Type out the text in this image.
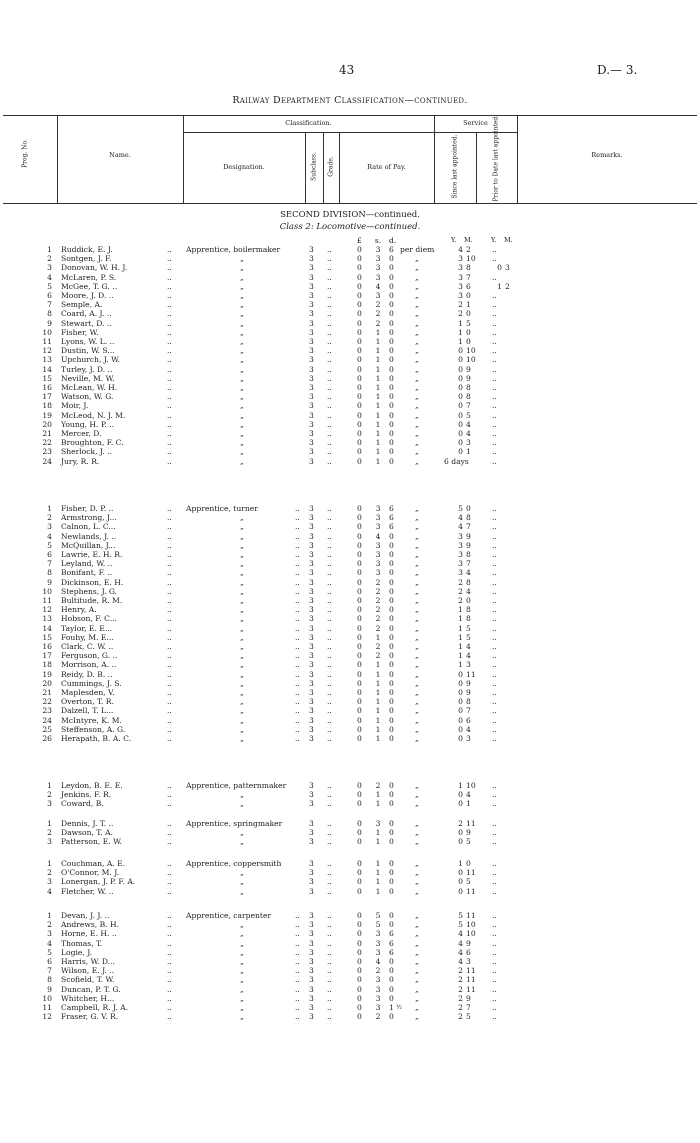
43	D.— 3.
Railway Department Classification—continued.
Prog. No.	Name.
Classification.
Designation.	Subclass. Grade.	Rate of Pay.
Service
Since last appointed.	Prior to Date last appointed.	Remarks.
SECOND DIVISION—continued.
Class 2: Locomotive—continued.
£ s. d.	Y. M.	Y. M.
1 Ruddick, E. J.	.. Apprentice, boilermaker	3 ..	0	3	6 per diem	4 2	..
2 Sontgen, J. F.	..	„	3 ..	0	3	0	„	3 10 ..
3 Donovan, W. H. J.	..	„	3 ..	0	3	0	„	3 8	0 3
4 McLaren, P. S.	..	„	3 ..	0	3	0	„	3 7	..
5 McGee, T. G. ..	..	„	3 ..	0	4	0	„	3 6	1 2
6 Moore, J. D. ..	..	„	3 ..	0	3	0	„	3 0	..
7 Semple, A.	..	„	3 ..	0	2	0	„	2 1	..
8 Coard, A. J. ..	..	„	3 ..	0	2	0	„	2 0	..
9 Stewart, D. ..	..	„	3 ..	0	2	0	„	1 5	..
10 Fisher, W.	..	„	3 ..	0	1	0	„	1 0	..
11 Lyons, W. L. ..	..	„	3 ..	0	1	0	„	1 0	..
12 Dustin, W. S...	..	„	3 ..	0	1	0	„	0 10 ..
13 Upchurch, J. W.	..	„	3 ..	0	1	0	„	0 10 ..
14 Turley, J. D. ..	..	„	3 ..	0	1	0	„	0 9	..
15 Neville, M. W.	..	„	3 ..	0	1	0	„	0 9	..
16 McLean, W. H.	..	„	3 ..	0	1	0	„	0 8	..
17 Watson, W. G.	..	„	3 ..	0	1	0	„	0 8	..
18 Moir, J.	..	„	3 ..	0	1	0	„	0 7	..
19 McLeod, N. J. M.	..	„	3 ..	0	1	0	„	0 5	..
20 Young, H. P. ..	..	„	3 ..	0	1	0	„	0 4	..
21 Mercer, D.	..	„	3 ..	0	1	0	„	0 4	..
22 Broughton, F. C.	..	„	3 ..	0	1	0	„	0 3	..
23 Sherlock, J. ..	..	„	3 ..	0	1	0	„	0 1	..
24 Jury, R. R.	..	„	3 ..	0	1	0	„	6 days	..
1 Fisher, D. P. ..	.. Apprentice, turner	.. 3 ..	0	3	6	„	5 0	..
2 Armstrong, J...	..	„	.. 3 ..	0	3	6	„	4 8	..
3 Calnon, L. C...	..	„	.. 3 ..	0	3	6	„	4 7	..
4 Newlands, J. ..	..	„	.. 3 ..	0	4	0	„	3 9	..
5 McQuillan, J...	..	„	.. 3 ..	0	3	0	„	3 9	..
6 Lawrie, E. H. R.	..	„	.. 3 ..	0	3	0	„	3 8	..
7 Leyland, W. ..	..	„	.. 3 ..	0	3	0	„	3 7	..
8 Bonifant, F. ..	..	„	.. 3 ..	0	3	0	„	3 4	..
9 Dickinson, E. H.	..	„	.. 3 ..	0	2	0	„	2 8	..
10 Stephens, J. G.	..	„	.. 3 ..	0	2	0	„	2 4	..
11 Bultitude, R. M.	..	„	.. 3 ..	0	2	0	„	2 0	..
12 Henry, A.	..	„	.. 3 ..	0	2	0	„	1 8	..
13 Hobson, F. C...	..	„	.. 3 ..	0	2	0	„	1 8	..
14 Taylor, E. E...	..	„	.. 3 ..	0	2	0	„	1 5	..
15 Fouhy, M. E...	..	„	.. 3 ..	0	1	0	„	1 5	..
16 Clark, C. W. ..	..	„	.. 3 ..	0	2	0	„	1 4	..
17 Ferguson, G. ..	..	„	.. 3 ..	0	2	0	„	1 4	..
18 Morrison, A. ..	..	„	.. 3 ..	0	1	0	„	1 3	..
19 Reidy, D. B. ..	..	„	.. 3 ..	0	1	0	„	0 11 ..
20 Cummings, J. S.	..	„	.. 3 ..	0	1	0	„	0 9	..
21 Maplesden, V.	..	„	.. 3 ..	0	1	0	„	0 9	..
22 Overton, T. R.	..	„	.. 3 ..	0	1	0	„	0 8	..
23 Dalzell, T. L...	..	„	.. 3 ..	0	1	0	„	0 7	..
24 McIntyre, K. M.	..	„	.. 3 ..	0	1	0	„	0 6	..
25 Steffenson, A. G.	..	„	.. 3 ..	0	1	0	„	0 4	..
26 Herapath, B. A. C.	..	„	.. 3 ..	0	1	0	„	0 3	..
1 Leydon, B. E. E.	.. Apprentice, patternmaker	3 ..	0	2	0	„	1 10 ..
2 Jenkins, F. R.	..	„	3 ..	0	1	0	„	0 4	..
3 Coward, B.	..	„	3 ..	0	1	0	„	0 1	..
1 Dennis, J. T. ..	.. Apprentice, springmaker	3 ..	0	3	0	„	2 11 ..
2 Dawson, T. A.	..	„	3 ..	0	1	0	„	0 9	..
3 Patterson, E. W.	..	„	3 ..	0	1	0	„	0 5	..
1 Couchman, A. E.	.. Apprentice, coppersmith	3 ..	0	1	0	„	1 0	..
2 O'Connor, M. J.	..	„	3 ..	0	1	0	„	0 11 ..
3 Lonergan, J. P. F. A.	..	„	3 ..	0	1	0	„	0 5	..
4 Fletcher, W. ..	..	„	3 ..	0	1	0	„	0 11 ..
1 Devan, J. J. ..	.. Apprentice, carpenter	.. 3 ..	0	5	0	„	5 11 ..
2 Andrews, B. H.	..	„	.. 3 ..	0	5	0	„	5 10 ..
3 Horne, E. H. ..	..	„	.. 3 ..	0	3	6	„	4 10 ..
4 Thomas, T.	..	„	.. 3 ..	0	3	6	„	4 9	..
5 Logie, J.	..	„	.. 3 ..	0	3	6	„	4 6	..
6 Harris, W. D...	..	„	.. 3 ..	0	4	0	„	4 3	..
7 Wilson, E. J. ..	..	„	.. 3 ..	0	2	0	„	2 11 ..
8 Scofield, T. W.	..	„	.. 3 ..	0	3	0	„	2 11 ..
9 Duncan, P. T. G.	..	„	.. 3 ..	0	3	0	„	2 11 ..
10 Whitcher, H...	..	„	.. 3 ..	0	3	0	„	2 9	..
11 Campbell, R. J. A.	..	„	.. 3 ..	0	3	1 ½ „	2 7	..
12 Fraser, G. V. R.	..	„	.. 3 ..	0	2	0	„	2 5	..
